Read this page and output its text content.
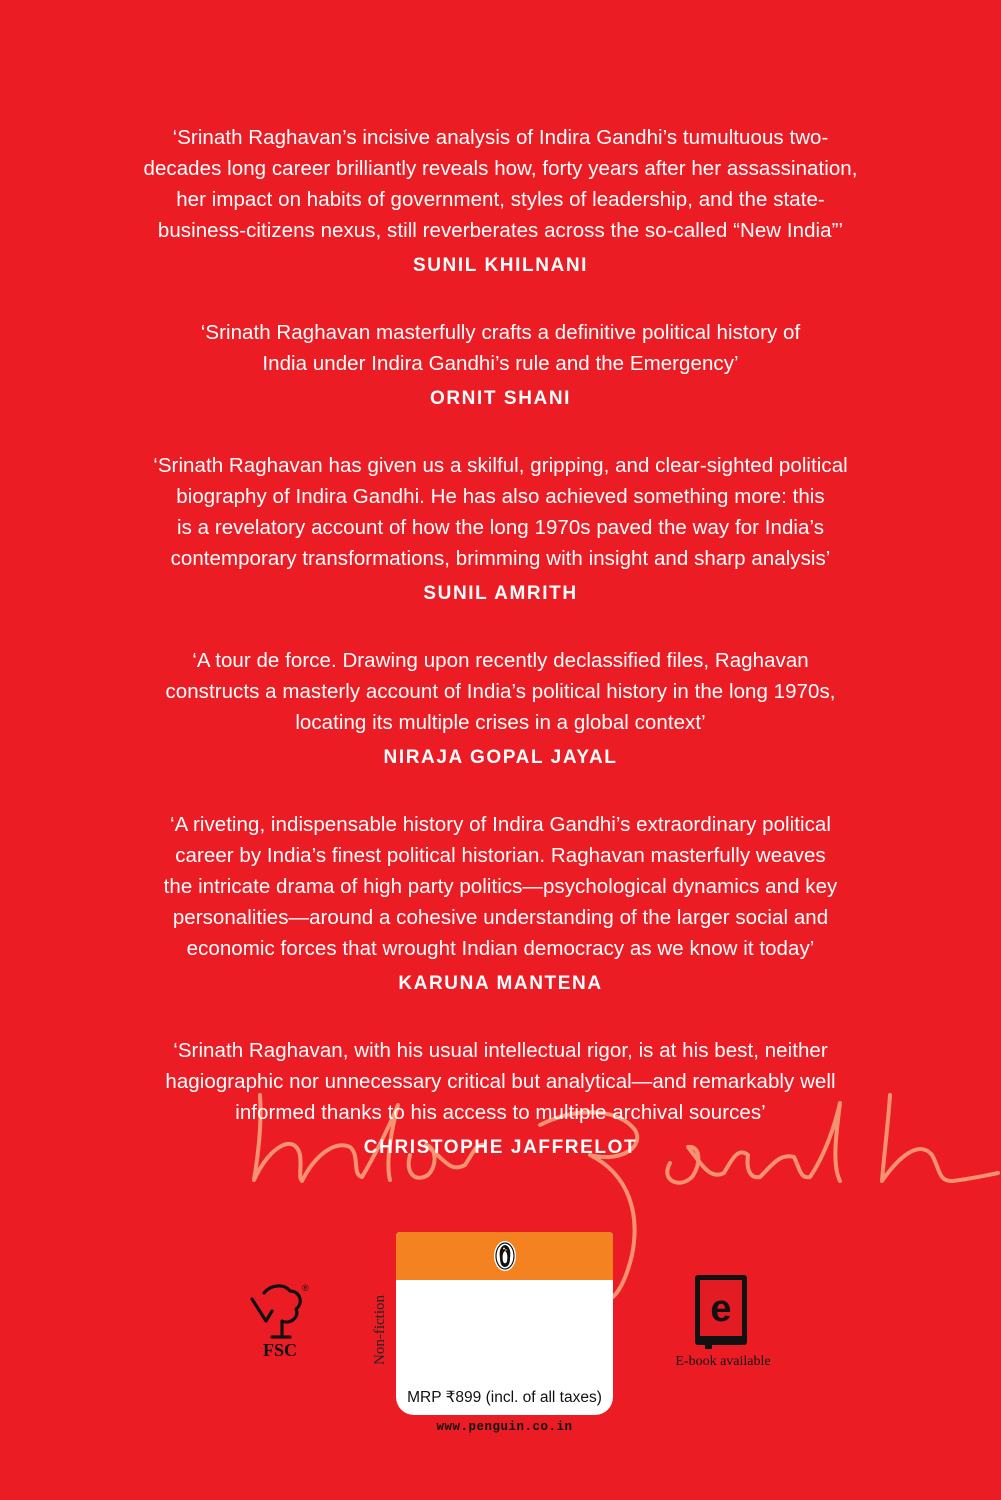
‘Srinath Raghavan’s incisive analysis of Indira Gandhi’s tumultuous two-
decades long career brilliantly reveals how, forty years after her assassination,
her impact on habits of government, styles of leadership, and the state-
business-citizens nexus, still reverberates across the so-called “New India”’

SUNIL KHILNANI

‘Srinath Raghavan masterfully crafts a definitive political history of
India under Indira Gandhi’s rule and the Emergency’

ORNIT SHANI

‘Srinath Raghavan has given us a skilful, gripping, and clear-sighted political
biography of Indira Gandhi. He has also achieved something more: this
is a revelatory account of how the long 1970s paved the way for India’s
contemporary transformations, brimming with insight and sharp analysis’

SUNIL AMRITH

‘A tour de force. Drawing upon recently declassified files, Raghavan
constructs a masterly account of India’s political history in the long 1970s,
locating its multiple crises in a global context’

NIRAJA GOPAL JAYAL

‘A riveting, indispensable history of Indira Gandhi’s extraordinary political
career by India’s finest political historian. Raghavan masterfully weaves
the intricate drama of high party politics—psychological dynamics and key
personalities—around a cohesive understanding of the larger social and
economic forces that wrought Indian democracy as we know it today’

KARUNA MANTENA

‘Srinath Raghavan, with his usual intellectual rigor, is at his best, neither
hagiographic nor unnecessary critical but analytical—and remarkably well
informed thanks to his access to multiple archival sources’

CHRISTOPHE JAFFRELOT
®
FSC	Non-fiction
MRP ₹899 (incl. of all taxes)
www.penguin.co.in
e
E-book available
